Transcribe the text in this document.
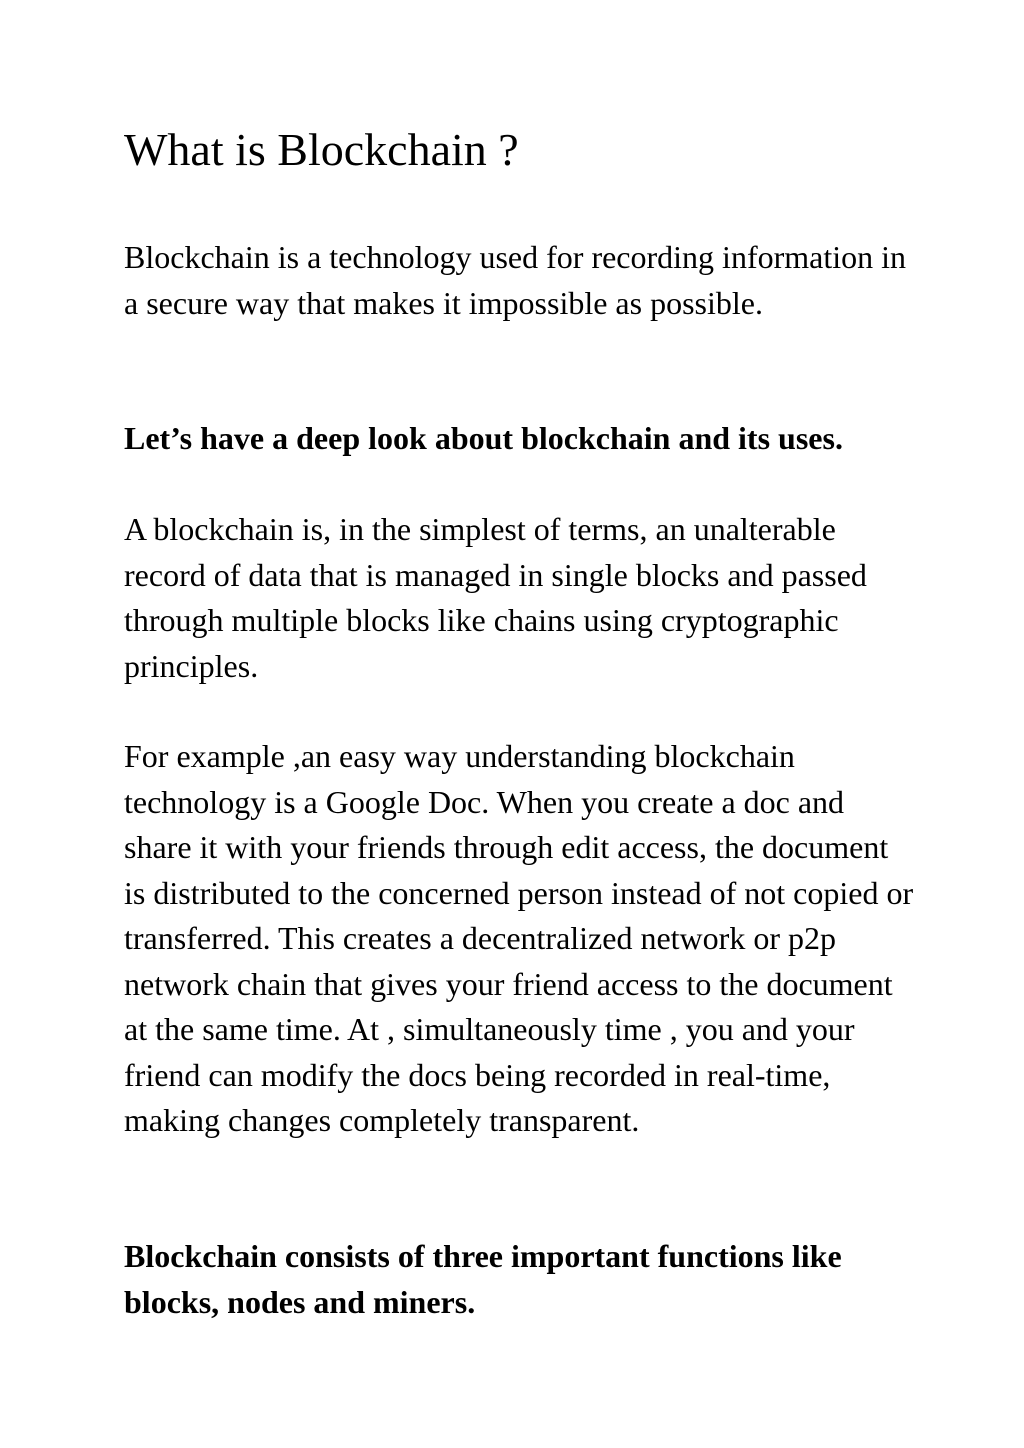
What is Blockchain ?

Blockchain is a technology used for recording information in a secure way that makes it impossible as possible.

Let’s have a deep look about blockchain and its uses.

A blockchain is, in the simplest of terms, an unalterable record of data that is managed in single blocks and passed through multiple blocks like chains using cryptographic principles.

For example ,an easy way understanding blockchain technology is a Google Doc. When you create a doc and share it with your friends through edit access, the document is distributed to the concerned person instead of not copied or transferred. This creates a decentralized network or p2p network chain that gives your friend access to the document at the same time. At , simultaneously time , you and your friend can modify the docs being recorded in real-time, making changes completely transparent.

Blockchain consists of three important functions like blocks, nodes and miners.
